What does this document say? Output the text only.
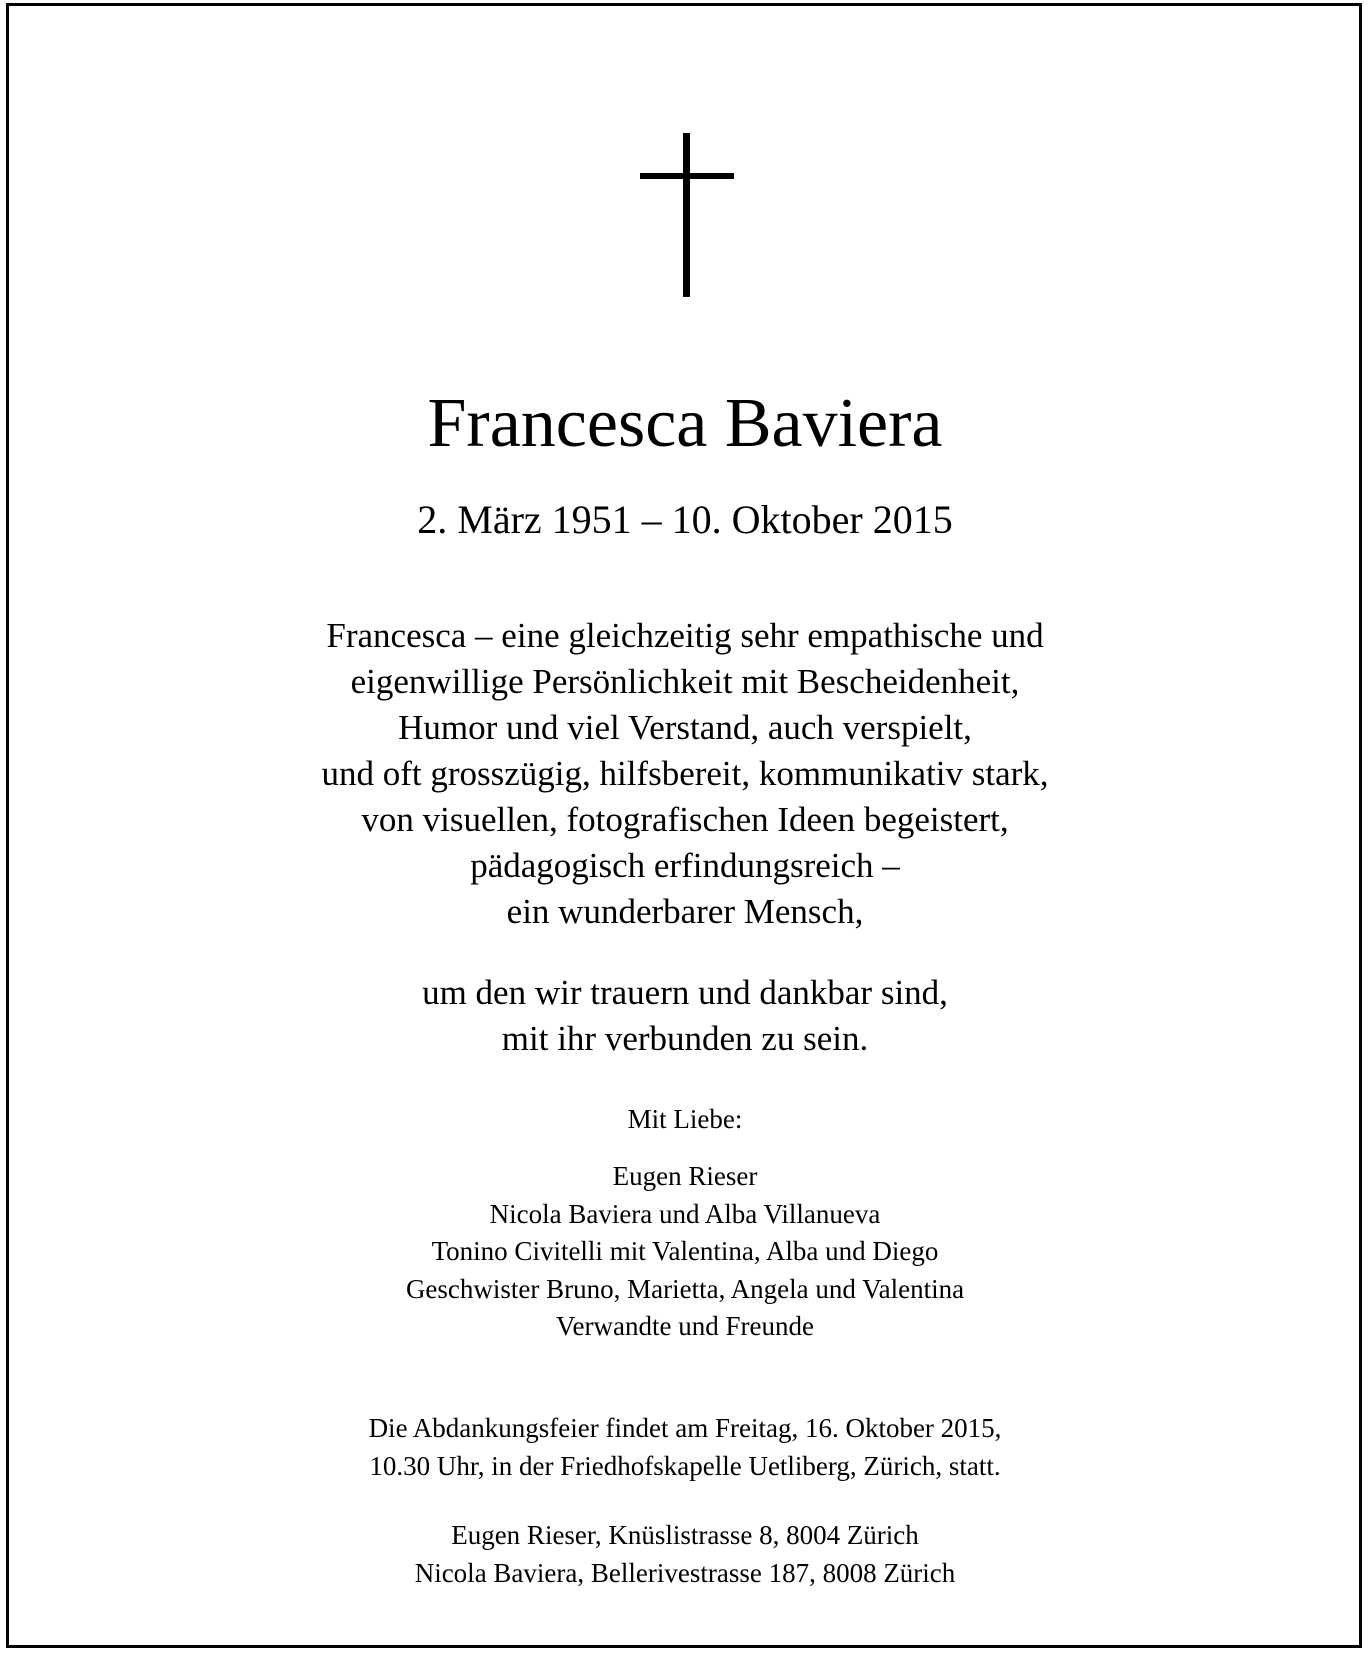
Francesca Baviera
2. März 1951 – 10. Oktober 2015
Francesca – eine gleichzeitig sehr empathische und
eigenwillige Persönlichkeit mit Bescheidenheit,
Humor und viel Verstand, auch verspielt,
und oft grosszügig, hilfsbereit, kommunikativ stark,
von visuellen, fotografischen Ideen begeistert,
pädagogisch erfindungsreich –
ein wunderbarer Mensch,
um den wir trauern und dankbar sind,
mit ihr verbunden zu sein.
Mit Liebe:
Eugen Rieser
Nicola Baviera und Alba Villanueva
Tonino Civitelli mit Valentina, Alba und Diego
Geschwister Bruno, Marietta, Angela und Valentina
Verwandte und Freunde
Die Abdankungsfeier findet am Freitag, 16. Oktober 2015,
10.30 Uhr, in der Friedhofskapelle Uetliberg, Zürich, statt.
Eugen Rieser, Knüslistrasse 8, 8004 Zürich
Nicola Baviera, Bellerivestrasse 187, 8008 Zürich
